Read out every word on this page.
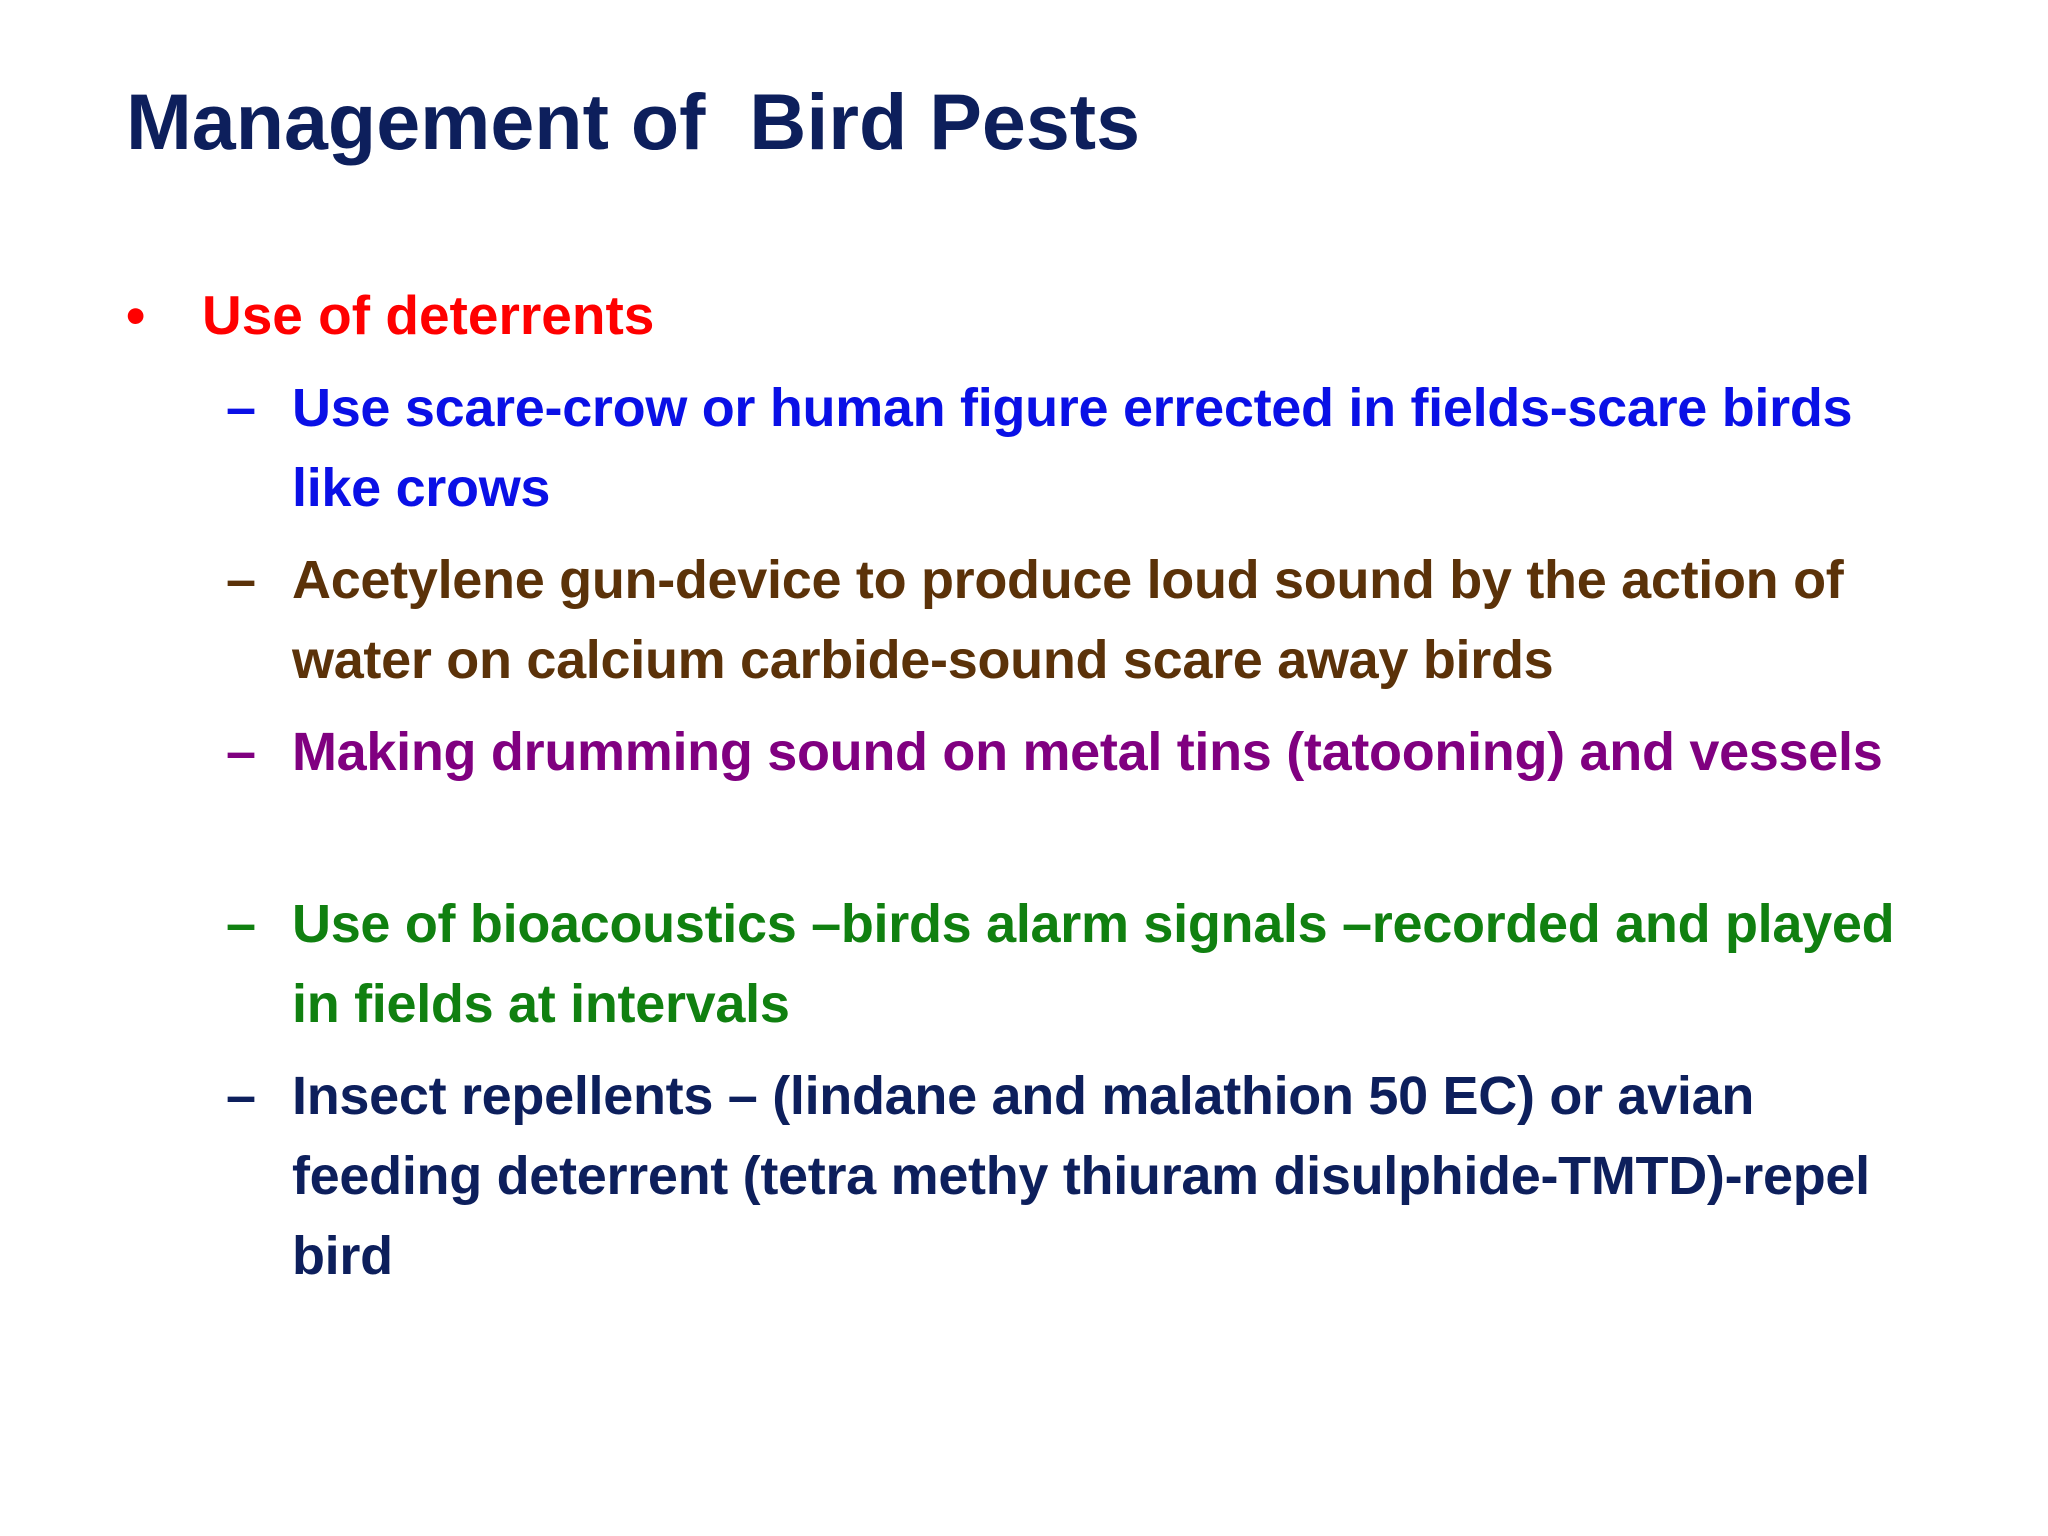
Management of  Bird Pests
• Use of deterrents
– Use scare-crow or human figure errected in fields-scare birds like crows

– Acetylene gun-device to produce loud sound by the action of water on calcium carbide-sound scare away birds

– Making drumming sound on metal tins (tatooning) and vessels

– Use of bioacoustics –birds alarm signals –recorded and played in fields at intervals

– Insect repellents – (lindane and malathion 50 EC) or avian feeding deterrent (tetra methy thiuram disulphide-TMTD)-repel bird
